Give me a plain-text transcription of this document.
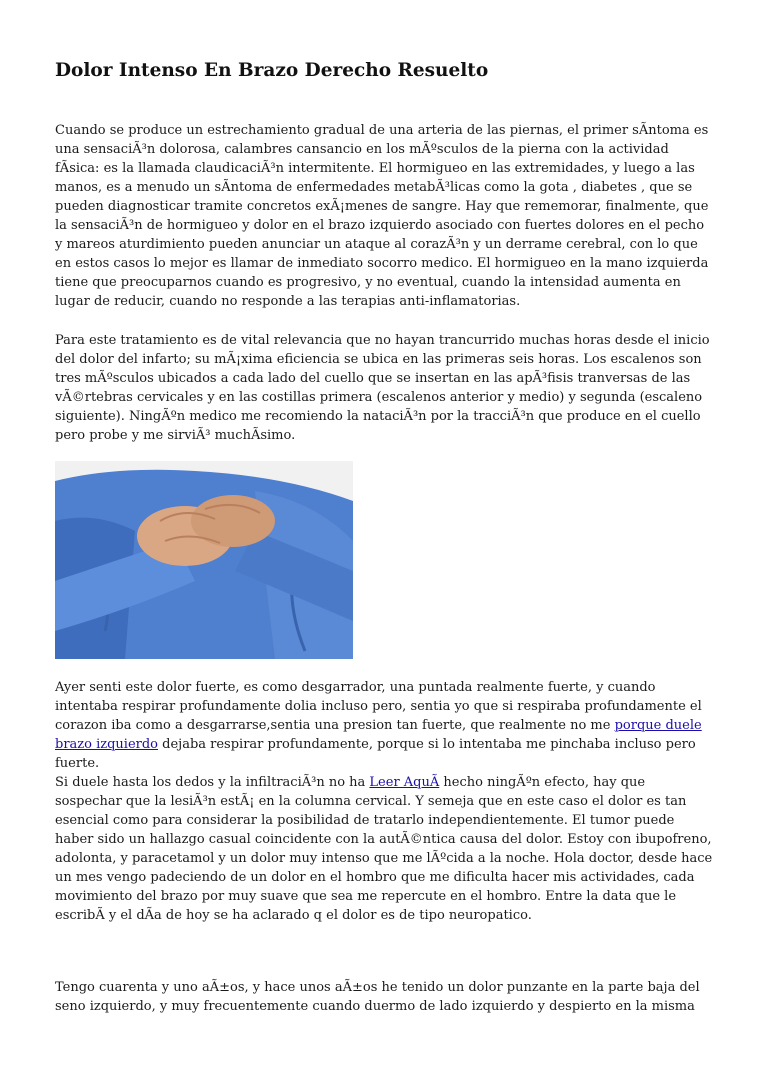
Dolor Intenso En Brazo Derecho Resuelto

Cuando se produce un estrechamiento gradual de una arteria de las piernas, el primer sÃntoma es una sensaciÃ³n dolorosa, calambres cansancio en los mÃºsculos de la pierna con la actividad fÃsica: es la llamada claudicaciÃ³n intermitente. El hormigueo en las extremidades, y luego a las manos, es a menudo un sÃntoma de enfermedades metabÃ³licas como la gota , diabetes , que se pueden diagnosticar tramite concretos exÃ¡menes de sangre. Hay que rememorar, finalmente, que la sensaciÃ³n de hormigueo y dolor en el brazo izquierdo asociado con fuertes dolores en el pecho y mareos aturdimiento pueden anunciar un ataque al corazÃ³n y un derrame cerebral, con lo que en estos casos lo mejor es llamar de inmediato socorro medico. El hormigueo en la mano izquierda tiene que preocuparnos cuando es progresivo, y no eventual, cuando la intensidad aumenta en lugar de reducir, cuando no responde a las terapias anti-inflamatorias.

Para este tratamiento es de vital relevancia que no hayan trancurrido muchas horas desde el inicio del dolor del infarto; su mÃ¡xima eficiencia se ubica en las primeras seis horas. Los escalenos son tres mÃºsculos ubicados a cada lado del cuello que se insertan en las apÃ³fisis tranversas de las vÃ©rtebras cervicales y en las costillas primera (escalenos anterior y medio) y segunda (escaleno siguiente). NingÃºn medico me recomiendo la nataciÃ³n por la tracciÃ³n que produce en el cuello pero probe y me sirviÃ³ muchÃsimo.

Ayer senti este dolor fuerte, es como desgarrador, una puntada realmente fuerte, y cuando intentaba respirar profundamente dolia incluso pero, sentia yo que si respiraba profundamente el corazon iba como a desgarrarse,sentia una presion tan fuerte, que realmente no me porque duele brazo izquierdo dejaba respirar profundamente, porque si lo intentaba me pinchaba incluso pero fuerte.

Si duele hasta los dedos y la infiltraciÃ³n no ha Leer AquÃ hecho ningÃºn efecto, hay que sospechar que la lesiÃ³n estÃ¡ en la columna cervical. Y semeja que en este caso el dolor es tan esencial como para considerar la posibilidad de tratarlo independientemente. El tumor puede haber sido un hallazgo casual coincidente con la autÃ©ntica causa del dolor. Estoy con ibupofreno, adolonta, y paracetamol y un dolor muy intenso que me lÃºcida a la noche. Hola doctor, desde hace un mes vengo padeciendo de un dolor en el hombro que me dificulta hacer mis actividades, cada movimiento del brazo por muy suave que sea me repercute en el hombro. Entre la data que le escribÃ y el dÃa de hoy se ha aclarado q el dolor es de tipo neuropatico.

Tengo cuarenta y uno aÃ±os, y hace unos aÃ±os he tenido un dolor punzante en la parte baja del seno izquierdo, y muy frecuentemente cuando duermo de lado izquierdo y despierto en la misma
